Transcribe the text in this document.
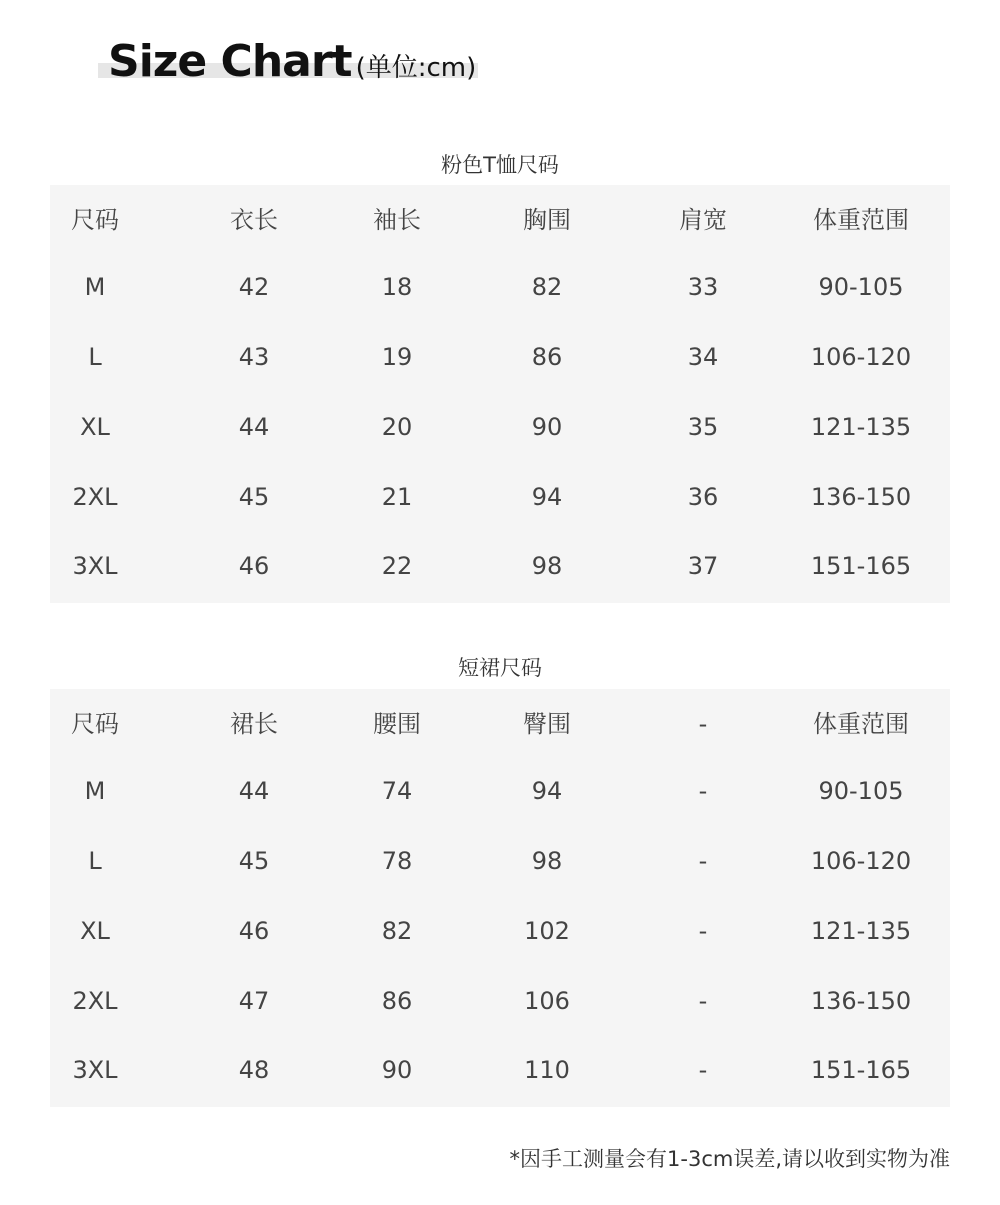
Size Chart (单位:cm)
粉色T恤尺码
尺码	衣长	袖长	胸围	肩宽	体重范围
M	42	18	82	33	90-105
L	43	19	86	34	106-120
XL	44	20	90	35	121-135
2XL	45	21	94	36	136-150
3XL	46	22	98	37	151-165
短裙尺码
尺码	裙长	腰围	臀围	-	体重范围
M	44	74	94	-	90-105
L	45	78	98	-	106-120
XL	46	82	102	-	121-135
2XL	47	86	106	-	136-150
3XL	48	90	110	-	151-165
*因手工测量会有1-3cm误差,请以收到实物为准
